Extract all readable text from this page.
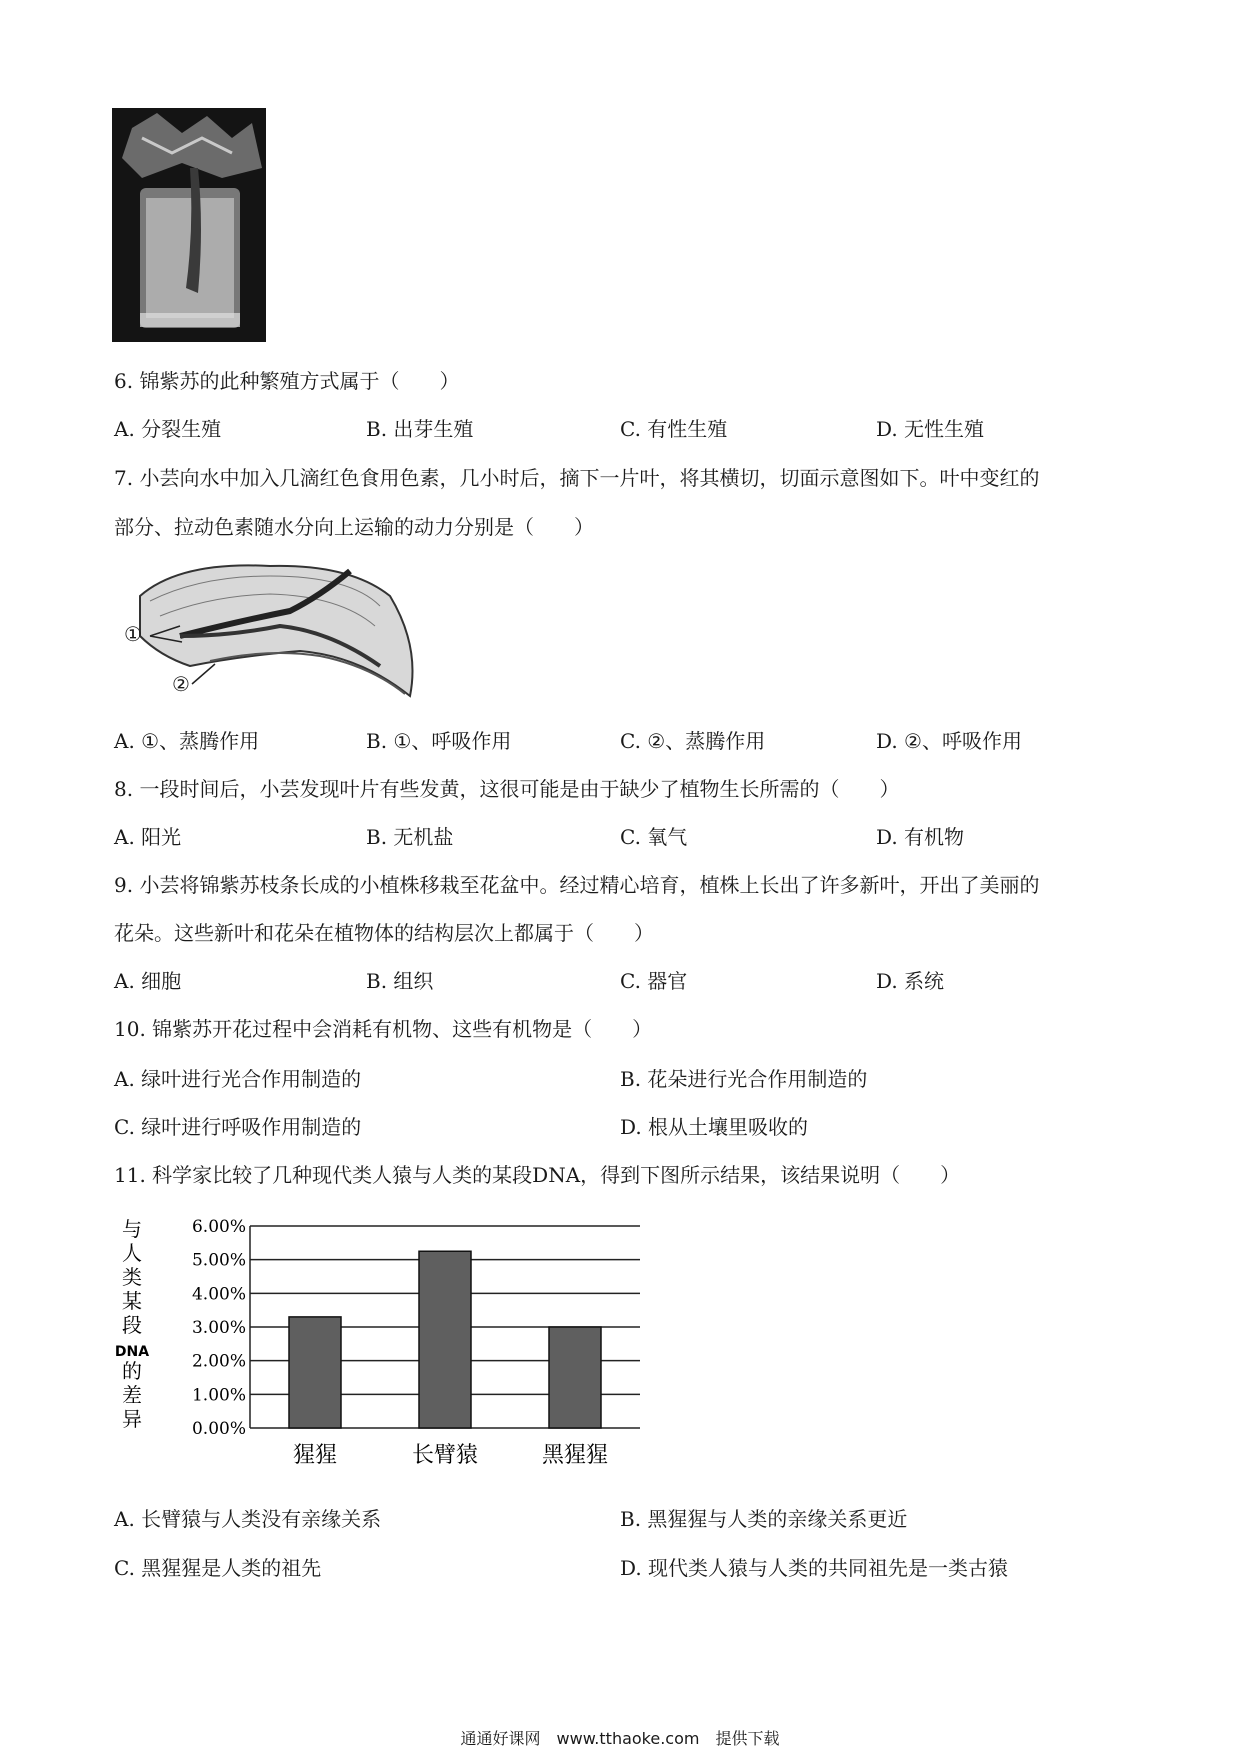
6. 锦紫苏的此种繁殖方式属于（　　）
A. 分裂生殖	B. 出芽生殖	C. 有性生殖	D. 无性生殖
7. 小芸向水中加入几滴红色食用色素，几小时后，摘下一片叶，将其横切，切面示意图如下。叶中变红的
部分、拉动色素随水分向上运输的动力分别是（　　）
①
②
A. ①、蒸腾作用	B. ①、呼吸作用	C. ②、蒸腾作用	D. ②、呼吸作用
8. 一段时间后，小芸发现叶片有些发黄，这很可能是由于缺少了植物生长所需的（　　）
A. 阳光	B. 无机盐	C. 氧气	D. 有机物
9. 小芸将锦紫苏枝条长成的小植株移栽至花盆中。经过精心培育，植株上长出了许多新叶，开出了美丽的
花朵。这些新叶和花朵在植物体的结构层次上都属于（　　）
A. 细胞	B. 组织	C. 器官	D. 系统
10. 锦紫苏开花过程中会消耗有机物、这些有机物是（　　）
A. 绿叶进行光合作用制造的	B. 花朵进行光合作用制造的
C. 绿叶进行呼吸作用制造的	D. 根从土壤里吸收的
11. 科学家比较了几种现代类人猿与人类的某段DNA，得到下图所示结果，该结果说明（　　）
与
人
类
某
段
DNA
的
差
异	0.00%
1.00%
2.00%
3.00%
4.00%
5.00%
6.00%
猩猩	长臂猿	黑猩猩
A. 长臂猿与人类没有亲缘关系	B. 黑猩猩与人类的亲缘关系更近
C. 黑猩猩是人类的祖先	D. 现代类人猿与人类的共同祖先是一类古猿
通通好课网　www.tthaoke.com　提供下载
